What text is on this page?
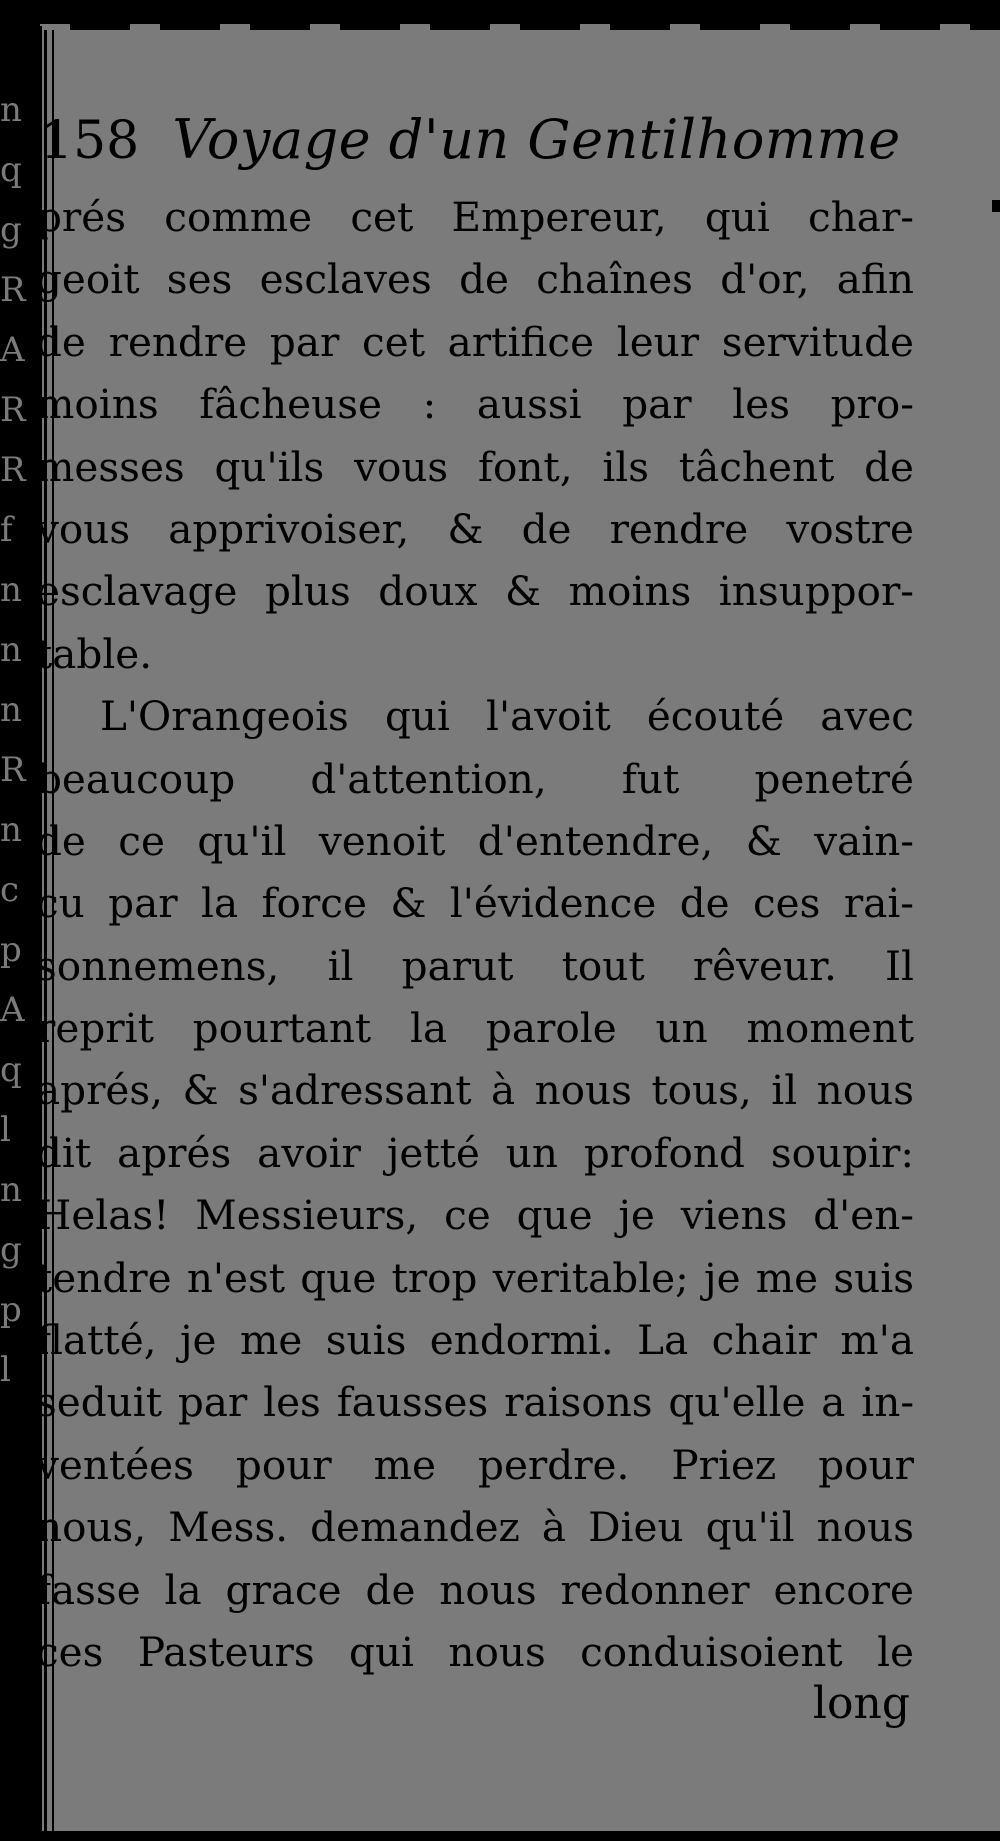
nqgRARRfnnnRncpAqlngpl
158 Voyage d'un Gentilhomme
prés comme cet Empereur, qui char-
geoit ses esclaves de chaînes d'or, afin
de rendre par cet artifice leur servitude
moins fâcheuse : aussi par les pro-
messes qu'ils vous font, ils tâchent de
vous apprivoiser, & de rendre vostre
esclavage plus doux & moins insuppor-
table.
L'Orangeois qui l'avoit écouté avec
beaucoup d'attention, fut penetré
de ce qu'il venoit d'entendre, & vain-
cu par la force & l'évidence de ces rai-
sonnemens, il parut tout rêveur. Il
reprit pourtant la parole un moment
aprés, & s'adressant à nous tous, il nous
dit aprés avoir jetté un profond soupir:
Helas! Messieurs, ce que je viens d'en-
tendre n'est que trop veritable; je me suis
flatté, je me suis endormi. La chair m'a
seduit par les fausses raisons qu'elle a in-
ventées pour me perdre. Priez pour
nous, Mess. demandez à Dieu qu'il nous
fasse la grace de nous redonner encore
ces Pasteurs qui nous conduisoient le
long
